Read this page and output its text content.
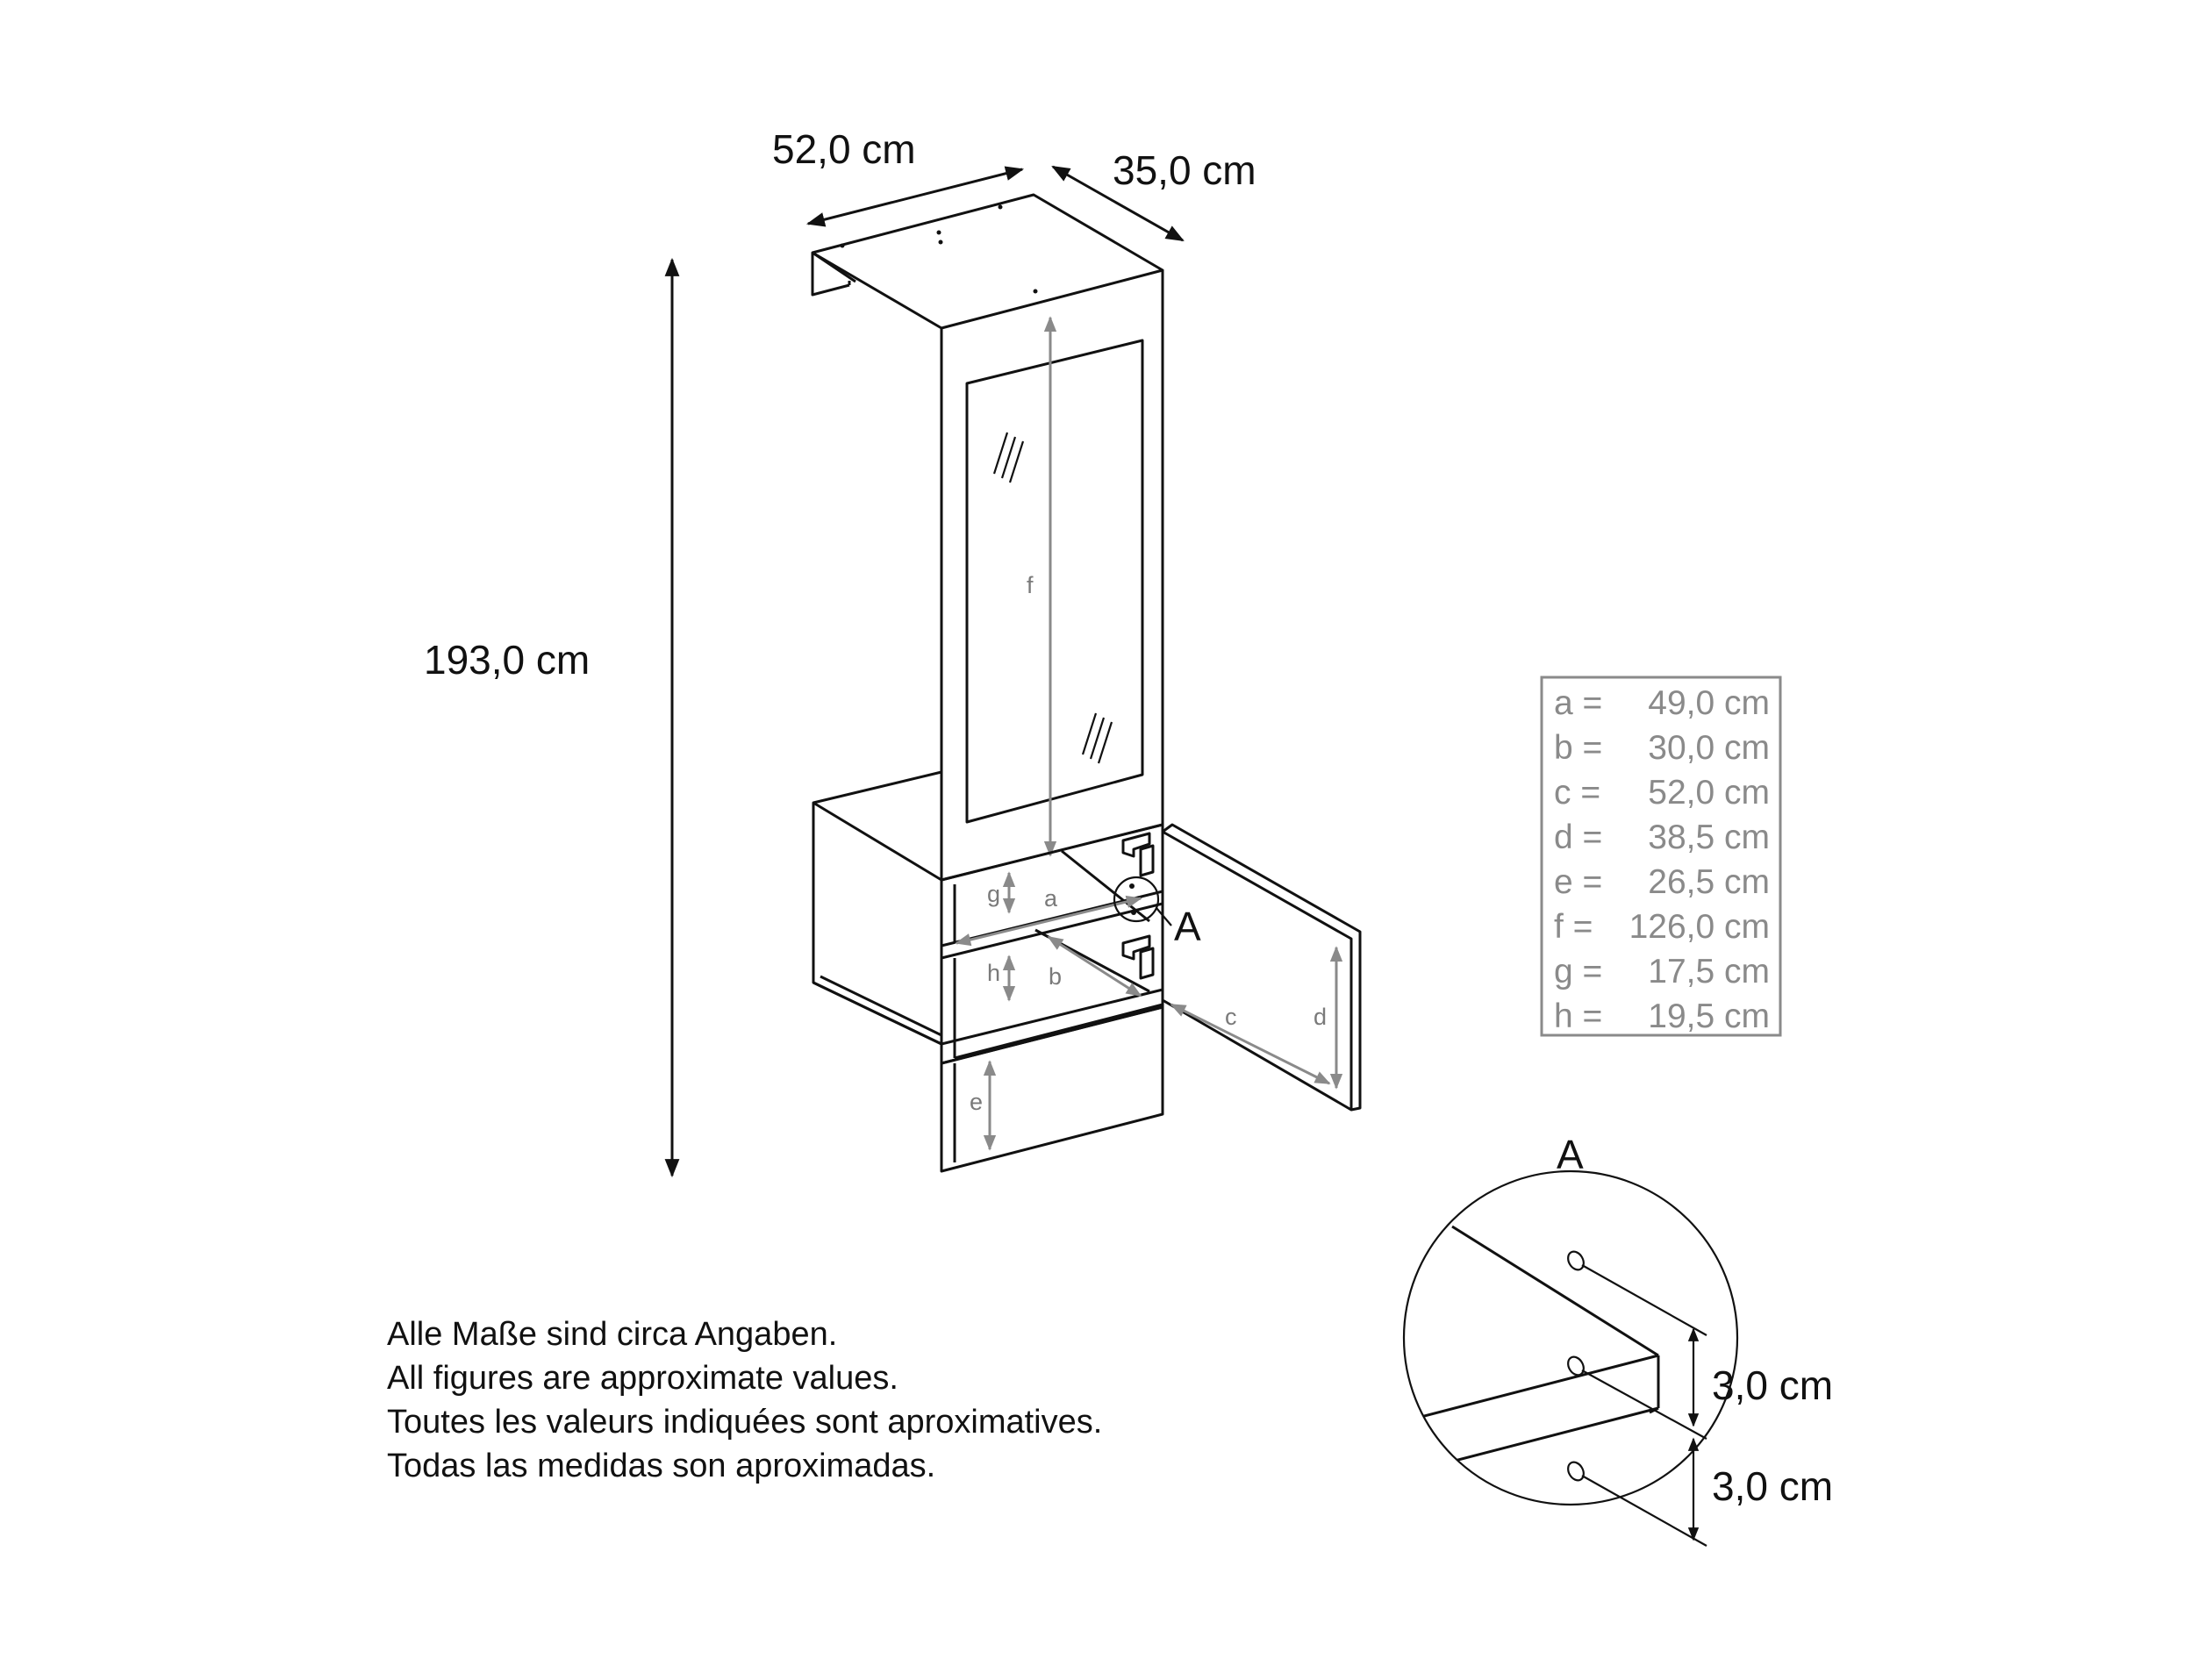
f
g a
h b
c	d
e
A
52,0 cm	35,0 cm
193,0 cm
a = 49,0 cm
b = 30,0 cm
c = 52,0 cm
d = 38,5 cm
e = 26,5 cm
f = 126,0 cm
g = 17,5 cm
h = 19,5 cm
A
3,0 cm
3,0 cm
Alle Maße sind circa Angaben.
All figures are approximate values.
Toutes les valeurs indiquées sont aproximatives.
Todas las medidas son aproximadas.
